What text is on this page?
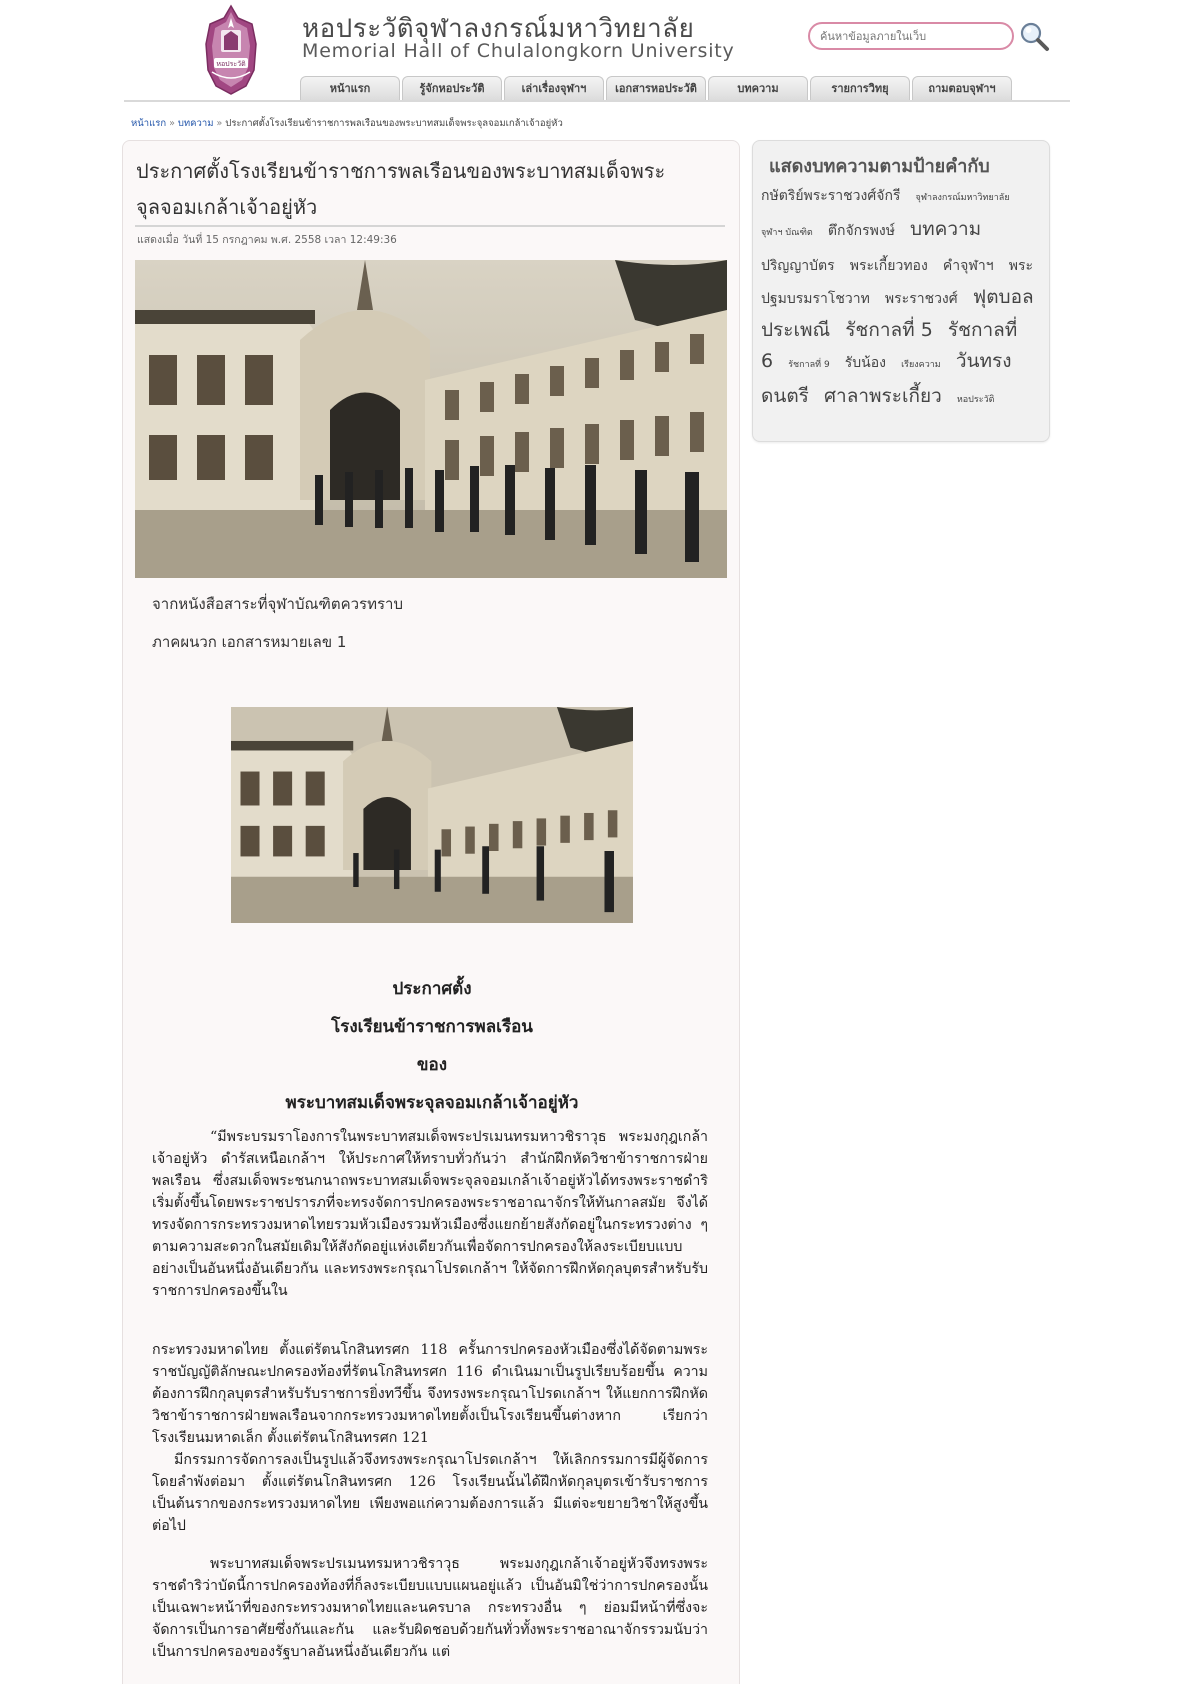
หอประวัติ
หอประวัติจุฬาลงกรณ์มหาวิทยาลัย
Memorial Hall of Chulalongkorn University
ค้นหาข้อมูลภายในเว็บ
หน้าแรก	รู้จักหอประวัติ	เล่าเรื่องจุฬาฯ	เอกสารหอประวัติ	บทความ	รายการวิทยุ	ถามตอบจุฬาฯ
หน้าแรก » บทความ » ประกาศตั้งโรงเรียนข้าราชการพลเรือนของพระบาทสมเด็จพระจุลจอมเกล้าเจ้าอยู่หัว
ประกาศตั้งโรงเรียนข้าราชการพลเรือนของพระบาทสมเด็จพระ
จุลจอมเกล้าเจ้าอยู่หัว
แสดงเมื่อ วันที่ 15 กรกฎาคม พ.ศ. 2558 เวลา 12:49:36
จากหนังสือสาระที่จุฬาบัณฑิตควรทราบ
ภาคผนวก เอกสารหมายเลข 1
ประกาศตั้ง
โรงเรียนข้าราชการพลเรือน
ของ
พระบาทสมเด็จพระจุลจอมเกล้าเจ้าอยู่หัว

“มีพระบรมราโองการในพระบาทสมเด็จพระปรเมนทรมหาวชิราวุธ พระมงกุฎเกล้าเจ้าอยู่หัว ดำรัสเหนือเกล้าฯ ให้ประกาศให้ทราบทั่วกันว่า สำนักฝึกหัดวิชาข้าราชการฝ่ายพลเรือน ซึ่งสมเด็จพระชนกนาถพระบาทสมเด็จพระจุลจอมเกล้าเจ้าอยู่หัวได้ทรงพระราชดำริ เริ่มตั้งขึ้นโดยพระราชปรารภที่จะทรงจัดการปกครองพระราชอาณาจักรให้ทันกาลสมัย จึงได้ทรงจัดการกระทรวงมหาดไทยรวมหัวเมืองรวมหัวเมืองซึ่งแยกย้ายสังกัดอยู่ในกระทรวงต่าง ๆ ตามความสะดวกในสมัยเดิมให้สังกัดอยู่แห่งเดียวกันเพื่อจัดการปกครองให้ลงระเบียบแบบอย่างเป็นอันหนึ่งอันเดียวกัน และทรงพระกรุณาโปรดเกล้าฯ ให้จัดการฝึกหัดกุลบุตรสำหรับรับราชการปกครองขึ้นใน

กระทรวงมหาดไทย ตั้งแต่รัตนโกสินทรศก 118 ครั้นการปกครองหัวเมืองซึ่งได้จัดตามพระราชบัญญัติลักษณะปกครองท้องที่รัตนโกสินทรศก 116 ดำเนินมาเป็นรูปเรียบร้อยขึ้น ความต้องการฝึกกุลบุตรสำหรับรับราชการยิ่งทวีขึ้น จึงทรงพระกรุณาโปรดเกล้าฯ ให้แยกการฝึกหัดวิชาข้าราชการฝ่ายพลเรือนจากกระทรวงมหาดไทยตั้งเป็นโรงเรียนขึ้นต่างหาก เรียกว่า โรงเรียนมหาดเล็ก ตั้งแต่รัตนโกสินทรศก 121

มีกรรมการจัดการลงเป็นรูปแล้วจึงทรงพระกรุณาโปรดเกล้าฯ ให้เลิกกรรมการมีผู้จัดการโดยลำพังต่อมา ตั้งแต่รัตนโกสินทรศก 126 โรงเรียนนั้นได้ฝึกหัดกุลบุตรเข้ารับราชการเป็นต้นรากของกระทรวงมหาดไทย เพียงพอแก่ความต้องการแล้ว มีแต่จะขยายวิชาให้สูงขึ้นต่อไป

พระบาทสมเด็จพระปรเมนทรมหาวชิราวุธ พระมงกุฎเกล้าเจ้าอยู่หัวจึงทรงพระราชดำริว่าบัดนี้การปกครองท้องที่ก็ลงระเบียบแบบแผนอยู่แล้ว เป็นอันมิใช่ว่าการปกครองนั้นเป็นเฉพาะหน้าที่ของกระทรวงมหาดไทยและนครบาล กระทรวงอื่น ๆ ย่อมมีหน้าที่ซึ่งจะจัดการเป็นการอาศัยซึ่งกันและกัน และรับผิดชอบด้วยกันทั่วทั้งพระราชอาณาจักรรวมนับว่าเป็นการปกครองของรัฐบาลอันหนึ่งอันเดียวกัน แต่

แสดงบทความตามป้ายคำกับ
กษัตริย์พระราชวงศ์จักรี จุฬาลงกรณ์มหาวิทยาลัย จุฬาฯ บัณฑิต ตึกจักรพงษ์ บทความ ปริญญาบัตร พระเกี้ยวทอง คำจุฬาฯ พระปฐมบรมราโชวาท พระราชวงศ์ ฟุตบอลประเพณี รัชกาลที่ 5 รัชกาลที่ 6 รัชกาลที่ 9 รับน้อง เรียงความ วันทรงดนตรี ศาลาพระเกี้ยว หอประวัติ
